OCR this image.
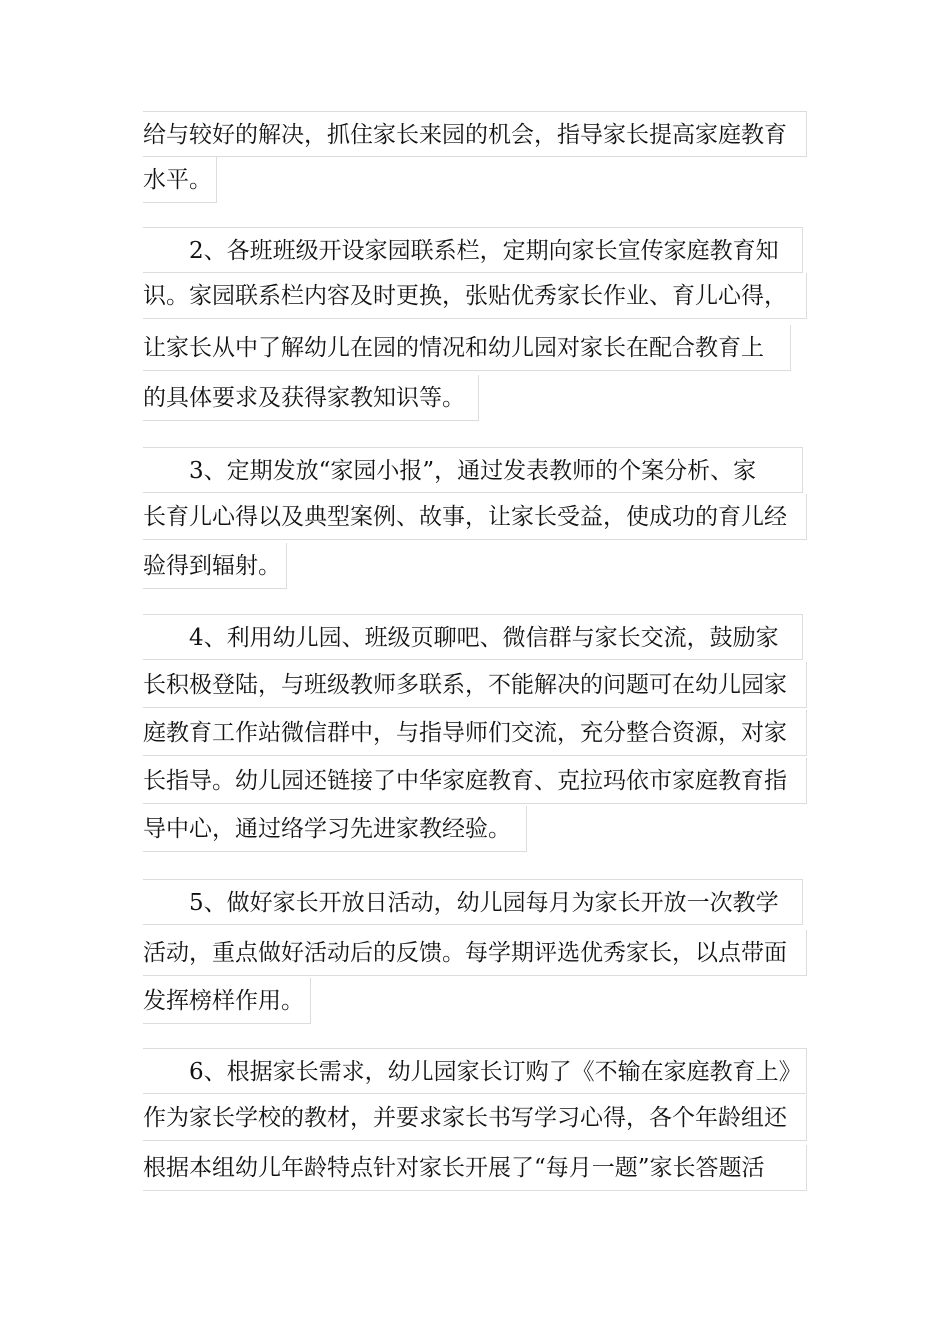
给与较好的解决，抓住家长来园的机会，指导家长提高家庭教育
水平。
　　2、各班班级开设家园联系栏，定期向家长宣传家庭教育知
识。家园联系栏内容及时更换，张贴优秀家长作业、育儿心得，
让家长从中了解幼儿在园的情况和幼儿园对家长在配合教育上
的具体要求及获得家教知识等。
　　3、定期发放“家园小报”，通过发表教师的个案分析、家
长育儿心得以及典型案例、故事，让家长受益，使成功的育儿经
验得到辐射。
　　4、利用幼儿园、班级页聊吧、微信群与家长交流，鼓励家
长积极登陆，与班级教师多联系，不能解决的问题可在幼儿园家
庭教育工作站微信群中，与指导师们交流，充分整合资源，对家
长指导。幼儿园还链接了中华家庭教育、克拉玛依市家庭教育指
导中心，通过络学习先进家教经验。
　　5、做好家长开放日活动，幼儿园每月为家长开放一次教学
活动，重点做好活动后的反馈。每学期评选优秀家长，以点带面
发挥榜样作用。
　　6、根据家长需求，幼儿园家长订购了《不输在家庭教育上》
作为家长学校的教材，并要求家长书写学习心得，各个年龄组还
根据本组幼儿年龄特点针对家长开展了“每月一题”家长答题活
